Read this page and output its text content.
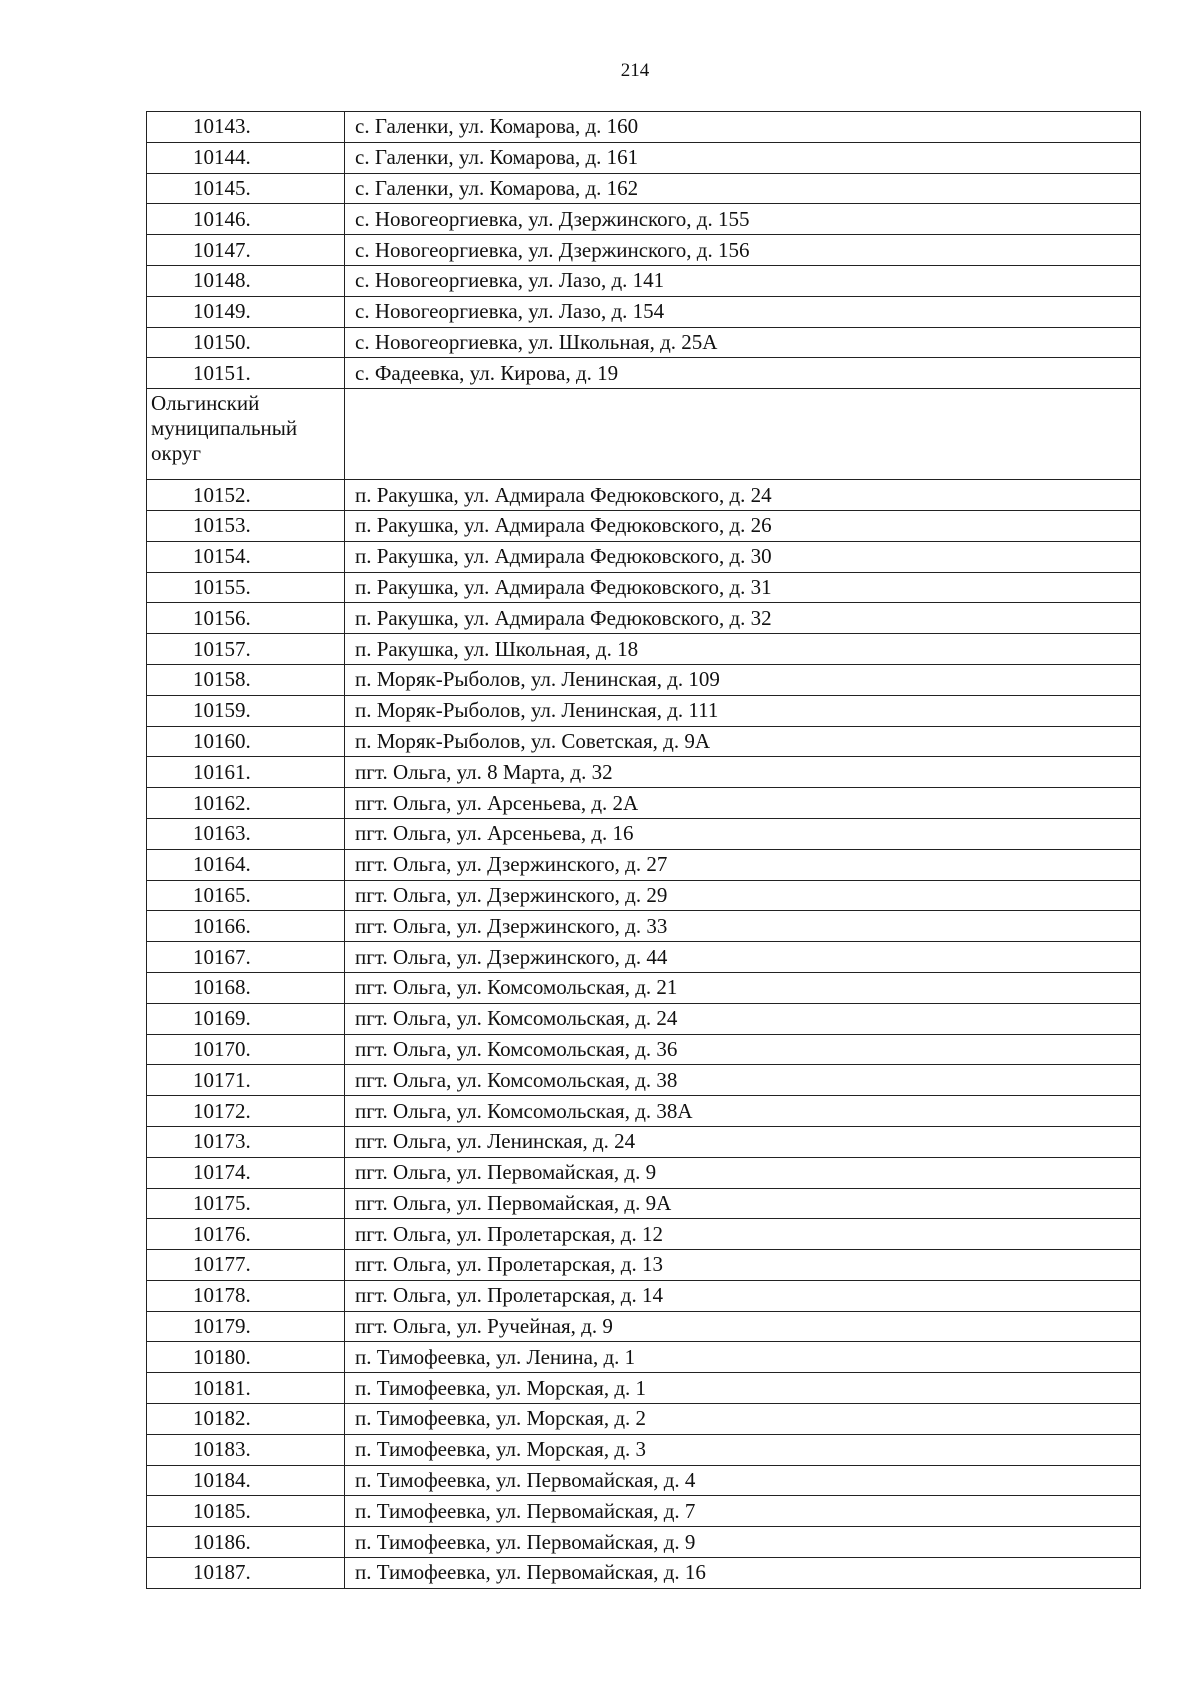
214
10143.	с. Галенки, ул. Комарова, д. 160
10144.	с. Галенки, ул. Комарова, д. 161
10145.	с. Галенки, ул. Комарова, д. 162
10146.	с. Новогеоргиевка, ул. Дзержинского, д. 155
10147.	с. Новогеоргиевка, ул. Дзержинского, д. 156
10148.	с. Новогеоргиевка, ул. Лазо, д. 141
10149.	с. Новогеоргиевка, ул. Лазо, д. 154
10150.	с. Новогеоргиевка, ул. Школьная, д. 25А
10151.	с. Фадеевка, ул. Кирова, д. 19
Ольгинский муниципальный округ	
10152.	п. Ракушка, ул. Адмирала Федюковского, д. 24
10153.	п. Ракушка, ул. Адмирала Федюковского, д. 26
10154.	п. Ракушка, ул. Адмирала Федюковского, д. 30
10155.	п. Ракушка, ул. Адмирала Федюковского, д. 31
10156.	п. Ракушка, ул. Адмирала Федюковского, д. 32
10157.	п. Ракушка, ул. Школьная, д. 18
10158.	п. Моряк-Рыболов, ул. Ленинская, д. 109
10159.	п. Моряк-Рыболов, ул. Ленинская, д. 111
10160.	п. Моряк-Рыболов, ул. Советская, д. 9А
10161.	пгт. Ольга, ул. 8 Марта, д. 32
10162.	пгт. Ольга, ул. Арсеньева, д. 2А
10163.	пгт. Ольга, ул. Арсеньева, д. 16
10164.	пгт. Ольга, ул. Дзержинского, д. 27
10165.	пгт. Ольга, ул. Дзержинского, д. 29
10166.	пгт. Ольга, ул. Дзержинского, д. 33
10167.	пгт. Ольга, ул. Дзержинского, д. 44
10168.	пгт. Ольга, ул. Комсомольская, д. 21
10169.	пгт. Ольга, ул. Комсомольская, д. 24
10170.	пгт. Ольга, ул. Комсомольская, д. 36
10171.	пгт. Ольга, ул. Комсомольская, д. 38
10172.	пгт. Ольга, ул. Комсомольская, д. 38А
10173.	пгт. Ольга, ул. Ленинская, д. 24
10174.	пгт. Ольга, ул. Первомайская, д. 9
10175.	пгт. Ольга, ул. Первомайская, д. 9А
10176.	пгт. Ольга, ул. Пролетарская, д. 12
10177.	пгт. Ольга, ул. Пролетарская, д. 13
10178.	пгт. Ольга, ул. Пролетарская, д. 14
10179.	пгт. Ольга, ул. Ручейная, д. 9
10180.	п. Тимофеевка, ул. Ленина, д. 1
10181.	п. Тимофеевка, ул. Морская, д. 1
10182.	п. Тимофеевка, ул. Морская, д. 2
10183.	п. Тимофеевка, ул. Морская, д. 3
10184.	п. Тимофеевка, ул. Первомайская, д. 4
10185.	п. Тимофеевка, ул. Первомайская, д. 7
10186.	п. Тимофеевка, ул. Первомайская, д. 9
10187.	п. Тимофеевка, ул. Первомайская, д. 16
